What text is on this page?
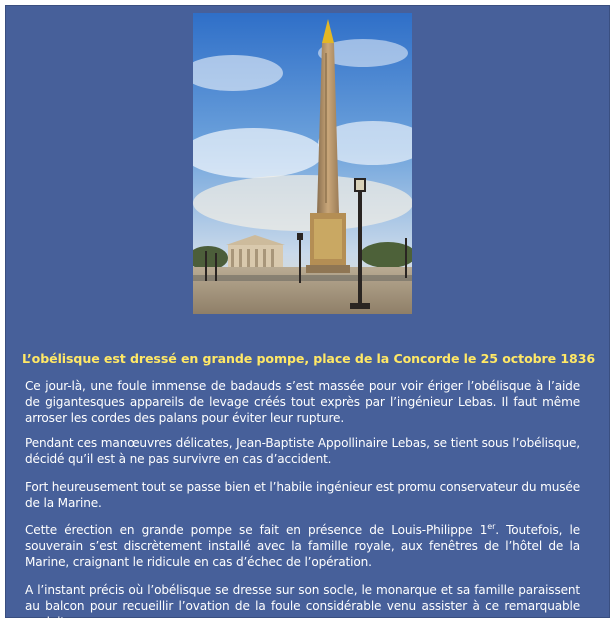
L’obélisque est dressé en grande pompe, place de la Concorde le 25 octobre 1836
Ce jour-là, une foule immense de badauds s’est massée pour voir ériger l’obélisque à l’aide de gigantesques appareils de levage créés tout exprès par l’ingénieur Lebas. Il faut même arroser les cordes des palans pour éviter leur rupture.
Pendant ces manœuvres délicates, Jean-Baptiste Appollinaire Lebas, se tient sous l’obélisque, décidé qu’il est à ne pas survivre en cas d’accident.
Fort heureusement tout se passe bien et l’habile ingénieur est promu conservateur du musée de la Marine.
Cette érection en grande pompe se fait en présence de Louis-Philippe 1er. Toutefois, le souverain s’est discrètement installé avec la famille royale, aux fenêtres de l’hôtel de la Marine, craignant le ridicule en cas d’échec de l’opération.
A l’instant précis où l’obélisque se dresse sur son socle, le monarque et sa famille paraissent au balcon pour recueillir l’ovation de la foule considérable venu assister à ce remarquable exploit.
